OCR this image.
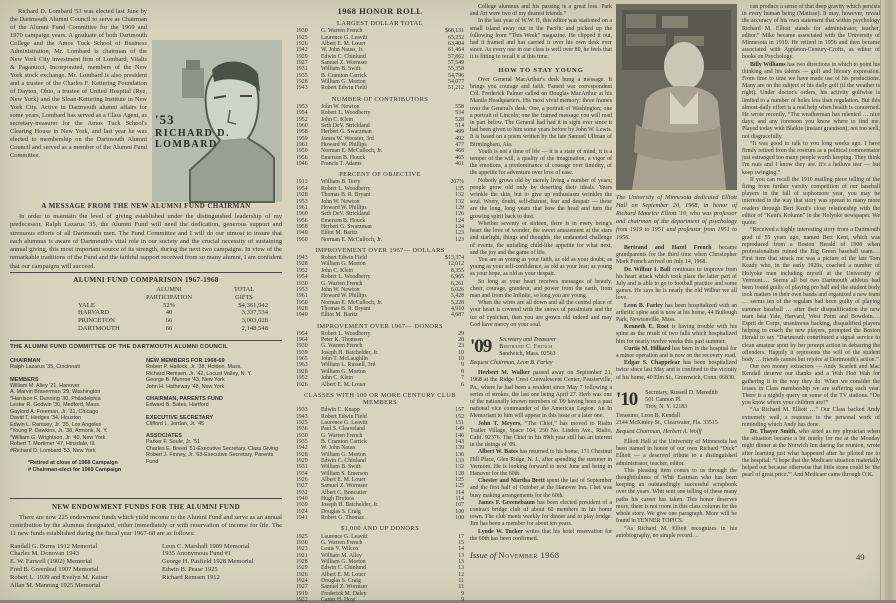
Richard D. Lombard '53 was elected last June by the Dartmouth Alumni Council to serve as Chairman of the Alumni Fund Committee for the 1969 and 1970 campaign years. A graduate of both Dartmouth College and the Amos Tuck School of Business Administration, Mr. Lombard is chairman of the New York City investment firm of Lombard, Vitalis & Paganucci, Incorporated, members of the New York stock exchange. Mr. Lombard is also president and a trustee of the Charles F. Kettering Foundation of Dayton, Ohio, a trustee of United Hospital (Rye, New York) and the Sloan-Kettering Institute in New York City. Active in Dartmouth alumni affairs for some years, Lombard has served as a Class Agent, as secretary-treasurer for the Amos Tuck School's Clearing House in New York, and last year he was elected to membership on the Dartmouth Alumni Council and served as a member of the Alumni Fund Committee.
'53
RICHARD D.
LOMBARD
A MESSAGE FROM THE NEW ALUMNI FUND CHAIRMAN
In order to maintain the level of giving established under the distinguished leadership of my predecessor, Ralph Lazarus '35, the Alumni Fund will need the dedication, generous support and strenuous efforts of all Dartmouth men. The Fund Committee and I will do our utmost to insure that each alumnus is aware of Dartmouth's vital role in our society and the crucial necessity of sustaining annual giving, this most important source of its strength, during the next two campaigns. In view of the remarkable traditions of the Fund and the faithful support received from so many alumni, I am confident that our campaigns will succeed.
ALUMNI FUND COMPARISON 1967-1968
ALUMNI
PARTICIPATION
TOTAL
GIFTS
YALE	52%	$4,361,942
HARVARD	40	3,337,534
PRINCETON	66	3,003,028
DARTMOUTH	66	2,148,548
THE ALUMNI FUND COMMITTEE OF THE DARTMOUTH ALUMNI COUNCIL
CHAIRMAN
Ralph Lazarus '35, Cincinnati
MEMBERS
William M. Alley '21, Hanover
A. Marvin Braverman '29, Washington
*Harrison F. Dunning '30, Philadelphia
Lester R. Godwin '30, Medford, Mass.
Gaylord A. Freeman, Jr. '31, Chicago
David T. Hedges '34, Houston
Edwin L. Ramsey, Jr. '35, Los Angeles
*Young P. Dawkins, Jr. '38, Armonk, N. Y.
*William G. Wrightson, Jr. '40, New York
Robert T. Mortimer '47, Hinsdale, Ill.
#Richard D. Lombard '53, New York
*Retired at close of 1968 Campaign
# Chairman-elect for 1969 Campaign
NEW MEMBERS FOR 1968-69
Robert P. Hallock, Jr. '38, Holden, Mass.
Richard Remsen, Jr. '42, Locust Valley, N. Y.
George B. Munroe '43, New York
John H. Hatheway '48, New York
CHAIRMAN, PARENTS FUND
Edward B. Bates, Hartford
EXECUTIVE SECRETARY
Clifford L. Jordan, Jr. '45
ASSOCIATES
Parker F. Soule, Jr. '51
Charles E. Breed '51-Executive Secretary, Class Giving
Robert J. Finney, Jr. '63-Executive Secretary, Parents Fund
NEW ENDOWMENT FUNDS FOR THE ALUMNI FUND
There are now 225 endowment funds which yield income to the Alumni Fund and serve as an annual contribution by the alumnus designated, either immediately or with reservation of income for life. The 11 new funds established during the fiscal year 1967-68 are as follows:
Randall G. Burns 1912 Memorial
Charles M. Donovan 1943
E. W. Farwell (1902) Memorial
Fred B. Greenleaf 1907 Memorial
Robert L. 1939 and Evelyn M. Kaiser
Allan M. Manning 1925 Memorial
Leon C. Marshall 1909 Memorial
1935 Anonymous Fund #1
George H. Pasfield 1928 Memorial
Edwin B. Pease 1925
Richard Remsen 1912
1968 HONOR ROLL
LARGEST DOLLAR TOTAL
1930	G. Warren French	$68,131
1925	Laurence G. Leavitt	65,252
1926	Albert E. M. Louer	63,404
1942	W. John Nauss, Jr.	61,464
1929	Edwin C. Chinlund	57,862
1927	Samuel Z. Wormser	57,549
1931	William B. Swift	55,358
1935	B. Cramton Carrick	54,796
1928	William G. Morton	54,077
1943	Robert Edwin Field	51,212
NUMBER OF CONTRIBUTORS
1953	John W. Newton	558
1954	Robert L. Woodberry	534
1952	John C. Klein	528
1960	Seth DeV. Strickland	514
1958	Herbert G. Swarzman	499
1959	James W. Wooster, 3rd	492
1961	Howard W. Phillips	477
1950	Norman E. McCulloch, Jr.	468
1956	Emerson B. Houck	465
1946	Francis T. Adams	461
PERCENT OF OBJECTIVE
1913	William B. Terry	207%
1954	Robert L. Woodberry	135
1928	Thomas B. R. Bryant	132
1953	John W. Newton	132
1961	Howard W. Phillips	129
1960	Seth DeV. Strickland	126
1956	Emerson B. Houck	124
1958	Herbert G. Swarzman	124
1949	Elliot M. Baritz	123
1950	Norman E. McCulloch, Jr.	123
IMPROVEMENT OVER 1967— DOLLARS
1943	Robert Edwin Field	$13,374
1928	William G. Morton	12,012
1952	John C. Klein	8,355
1954	Robert L. Woodberry	6,965
1930	G. Warren French	6,261
1953	John W. Newton	6,026
1961	Howard W. Phillips	5,428
1950	Norman E. McCulloch, Jr.	5,228
1928	Thomas B. R. Bryant	4,910
1949	Elliot M. Baritz	4,687
IMPROVEMENT OVER 1967— DONORS
1954	Robert L. Woodberry	29
1964	Peter K. Thomsen	28
1930	G. Warren French	23
1939	Joseph H. Batchelder, Jr.	10
1965	John T. McLaughlin	10
1963	William L. Russell, 3rd	9
1928	William G. Morton	8
1952	John C. Klein	7
1926	Albert E. M. Louer	6
CLASSES WITH 100 OR MORE CENTURY CLUB MEMBERS
1933	Edwin C. Knapp	157
1943	Robert Edwin Field	152
1925	Laurence G. Leavitt	151
1936	Paul S. Cleaveland	149
1930	G. Warren French	146
1935	B. Cramton Carrick	143
1942	W. John Nauss	139
1928	William G. Morton	136
1929	Edwin C. Chinlund	133
1931	William B. Swift	132
1934	William S. Emerson	128
1926	Albert E. M. Louer	125
1927	Samuel Z. Wormser	125
1932	Albert C. Boncutter	114
1940	Hugh Dryfoos	114
1939	Joseph H. Batchelder, Jr.	107
1924	Douglas S. Craig	100
1941	Robert G. Thomas	100
$1,000 AND UP DONORS
1925	Laurence G. Leavitt	17
1930	G. Warren French	15
1923	Louis V. Wilcox	14
1921	William M. Alley	13
1928	William G. Morton	13
1929	Edwin C. Chinlund	13
1926	Albert E. M. Louer	12
1924	Douglas S. Craig	11
1927	Samuel Z. Wormser	11
1919	Frederick M. Daley	9
1922	Carter H. Hoyt	9

College alumnus and his passing is a great loss. Park and Art were two of my dearest friends.”

In the last year of W.W. II, this editor was stationed on a small island away out in the Pacific and picked up the following from “This Week” magazine. He clipped it out, had it framed and has carried it over his own desk ever since. As every one in our class is well over 80, he feels that it is fitting to recall it at this time.

HOW TO STAY YOUNG

Over General MacArthur's desk hung a message. It brings you courage and faith. Famed war correspondent Col. Frederick Palmer called on Douglas MacArthur at his Manila Headquarters. His most vivid memory: three frames over the General's desk. One, a portrait of Washington; one a portrait of Lincoln; one the framed message you will read in part below. The General had had it in sight ever since it had been given to him some years before by John W. Lewis. It is based on a poem written by the late Samuel Ullman of Birmingham, Ala.

Youth is not a time of life — it is a state of mind, it is a temper of the will, a quality of the imagination, a vigor of the emotions, a predominance of courage over timidity, of the appetite for adventure over love of ease.

Nobody grows old by merely living a number of years; people grow old only by deserting their ideals. Years wrinkle the skin, but to give up enthusiasm wrinkles the soul. Worry, doubt, self-distrust, fear and despair — these are the long, long years that bow the head and turn the growing spirit back to dust.

Whether seventy or sixteen, there is in every being's heart the love of wonder, the sweet amazement at the stars and starlight, things and thoughts, the undaunted challenge of events, the unfailing child-like appetite for what next, and the joy and the game of life.

You are as young as your faith, as old as your doubt; as young as your self-confidence, as old as your fear; as young as your hope, as old as your despair.

So long as your heart receives messages of beauty, cheer, courage, grandeur, and power from the earth, from man and from the Infinite, so long you are young.

When the wires are all down and all the central place of your heart is covered with the snows of pessimism and the ice of cynicism, then you are grown old indeed and may God have mercy on your soul.

'09 Secretary and Treasurer
Bertrand C. French
Sandwich, Mass. 02563
Bequest Chairman, Leon B. Farley

Herbert M. Walker passed away on September 21, 1968 at the Ridge Crest Convalescent Center, Feasterville, Pa., where he had been a resident since May 7 following a series of strokes, the last one being April 27. Herb was one of the nationally known members of '09 having been a past national vice commander of the American Legion. An In Memoriam to him will appear in this issue or a later one.

John T. Meyers, “The Chief,” has moved to Rialto Trailer Village, Space 104, 250 No. Linden Ave., Rialto, Calif. 92376. The Chief in his 89th year still has an interest in the doings of '09.

Albert W. Bates has returned to his home, 171 Chestnut Hill Place, Glen Ridge, N. J., after spending the summer in Vermont. He is looking forward to next June and being in Hanover for the 60th.

Chester and Martha Brett spent the last of September and the first half of October at the Hanover Inn. Chet was busy making arrangements for the 60th.

James F. Greenebaum has been elected president of a contract bridge club of about 60 members in his home town. The club meets weekly for dinner and to play bridge. Jim has been a member for about ten years.

Lynde W. Tucker writes that his hotel reservation for the 60th has been confirmed.

The University of Minnesota dedicated Elliott Hall on September 20, 1968, in honor of Richard Maurice Elliott '10, who was professor and chairman of the department of psychology from 1919 to 1951 and professor from 1951 to 1956.

Bertrand and Hazel French became grandparents for the third time when Christopher Mark French arrived on July 14, 1968.

Dr. Wilbur I. Ball continues to improve from his heart attack which took place the latter part of July and is able to go to football practice and some games. He says he is nearly the old Wilbur we all love.

Leon B. Farley has been hospitalized with an arthritic spine and is now at his home, 44 Bullough Park, Newtonville, Mass.

Kenneth E. Root is having trouble with his spine as the result of two falls which hospitalized him for nearly twelve weeks this past summer.

Curtis M. Hilliard has been in the hospital for a minor operation and is now on the recovery road.

Edgar S. Chappelear has been hospitalized twice since last May and is confined to the vicinity of his home, 40 Elm St., Greenwich, Conn. 06830.

'10 Secretary, Russell D. Meredith
501 Cannon Pl.
Troy, N. Y. 12183
Treasurer, Leon B. Kendall
2144 McKinley St., Clearwater, Fla. 33515
Bequest Chairman, Herbert A. Wolff

Elliott Hall at the University of Minnesota has been named in honor of our own Richard “Dick” Elliott — a deserved tribute to a distinguished administrator, teacher, editor.

This pleasing item comes to us through the thoughtfulness of Whit Eastman who has been keeping an outstandingly successful scrapbook over the years. Whit sent one telling of these many paths his career has taken. This honor deserves more; there is not room in this class column for the whole story. We give one paragraph. More will be found in TENNER TOPICS.

“As Richard M. Elliott recognizes in his autobiography, no simple record…

can produce a sense of that deep gravity which persists in every human being (Matisse). It may, however, reveal the accuracy of his own statement that within psychology Richard M. Elliott stands for administrator, teacher, editor.” Mike became associated with the University of Minnesota in 1919. He retired in 1956 and then became associated with Appleton-Century-Crofts, as editor of books on Psychology.

Billy Williams has two directions in which to point his thinking and his talents — golf and literary expression. From time to time we have made use of his productions. Many are on the subject of his daily golf (if the weather is right). Under doctor's orders, his activity golfwise is limited to a number of holes less than regulation. But this almost-daily effort is a real help when health is concerned. He wrote recently, “The weatherman has relented … nice days; and any forenoon you know where to find me. Played today with Blaikie (instant grandson); not too well, not disgracefully.

“It was good to talk to you long weeks ago. I have firmly retired from the rostrum as a political commentator just estranged too many people worth keeping. They think I'm nuts and I know they are. It's a helluva tear — but keep swinging.”

If you can recall the 1910 mailing piece telling of the firing from further varsity competition of our baseball players in the fall of sophomore year, you may be interested in the way that story was spread to many more readers through Bert Kent's close relationship with the editor of “Kent's Kolumn” in the Holyoke newspaper. We quote:

“Received a highly interesting story from a Dartmouth grad of 55 years ago, named Bert Kent, which was reproduced from a Boston Herald of 1908 when professionalism ruined the Big Green baseball team.… First item that struck me was a picture of the late Tom Keady who, in the early 1920s, coached a number of Holyoke men including myself at the University of Vermont.… Seems all but two Dartmouth athletes had been found guilty of playing pro ball and the student body took matters in their own hands and organized a new team … seems ten of the regulars had been guilty of playing summer baseball … after their disqualification the new team beat Yale, Harvard, West Point and Bowdoin.… Esprit de Corps, unanimous backing, disqualified players helping to coach the new players, prompted the Boston Herald to say “Dartmouth contributed a signal service to clean amateur sport by her prompt action in debarring the offenders. Happily it represents the will of the student body … friends cannot but rejoice at Dartmouth's action.”

Our two money extractors — Andy Scarlett and Mac Kendall deserve our thanks and a Wah Hoo Wah for gathering it in the way they do. When we consider the losses in Class membership we are suffering each year. There is a nightly query on some of the TV stations. “Do you know where your children are?”

“As Richard M. Elliott …” Our Class backed Andy extremely well, a response to the personal work of reminding which Andy has done.

Dr. Thayer Smith, who acted as my physician when the situation became a bit murky for me at the Monday night dinner at the Norwich Inn during the reunion, wrote after learning just what happened after he piloted me to the hospital: “I hope that the Medicare situation materially helped out because otherwise that little stone could be 'the pearl of great price.'” And Medicare came through O.K.

Issue of November 1968	49
